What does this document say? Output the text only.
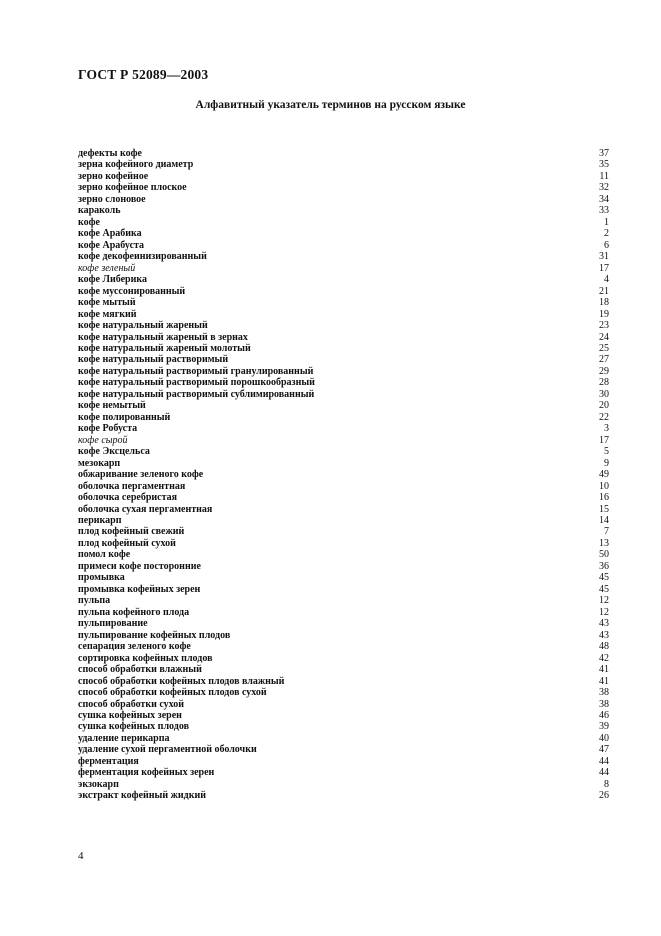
ГОСТ Р 52089—2003
Алфавитный указатель терминов на русском языке
дефекты кофе	37
зерна кофейного диаметр	35
зерно кофейное	11
зерно кофейное плоское	32
зерно слоновое	34
караколь	33
кофе	1
кофе Арабика	2
кофе Арабуста	6
кофе декофеинизированный	31
кофе зеленый	17
кофе Либерика	4
кофе муссонированный	21
кофе мытый	18
кофе мягкий	19
кофе натуральный жареный	23
кофе натуральный жареный в зернах	24
кофе натуральный жареный молотый	25
кофе натуральный растворимый	27
кофе натуральный растворимый гранулированный	29
кофе натуральный растворимый порошкообразный	28
кофе натуральный растворимый сублимированный	30
кофе немытый	20
кофе полированный	22
кофе Робуста	3
кофе сырой	17
кофе Эксцельса	5
мезокарп	9
обжаривание зеленого кофе	49
оболочка пергаментная	10
оболочка серебристая	16
оболочка сухая пергаментная	15
перикарп	14
плод кофейный свежий	7
плод кофейный сухой	13
помол кофе	50
примеси кофе посторонние	36
промывка	45
промывка кофейных зерен	45
пульпа	12
пульпа кофейного плода	12
пульпирование	43
пульпирование кофейных плодов	43
сепарация зеленого кофе	48
сортировка кофейных плодов	42
способ обработки влажный	41
способ обработки кофейных плодов влажный	41
способ обработки кофейных плодов сухой	38
способ обработки сухой	38
сушка кофейных зерен	46
сушка кофейных плодов	39
удаление перикарпа	40
удаление сухой пергаментной оболочки	47
ферментация	44
ферментация кофейных зерен	44
экзокарп	8
экстракт кофейный жидкий	26
4
